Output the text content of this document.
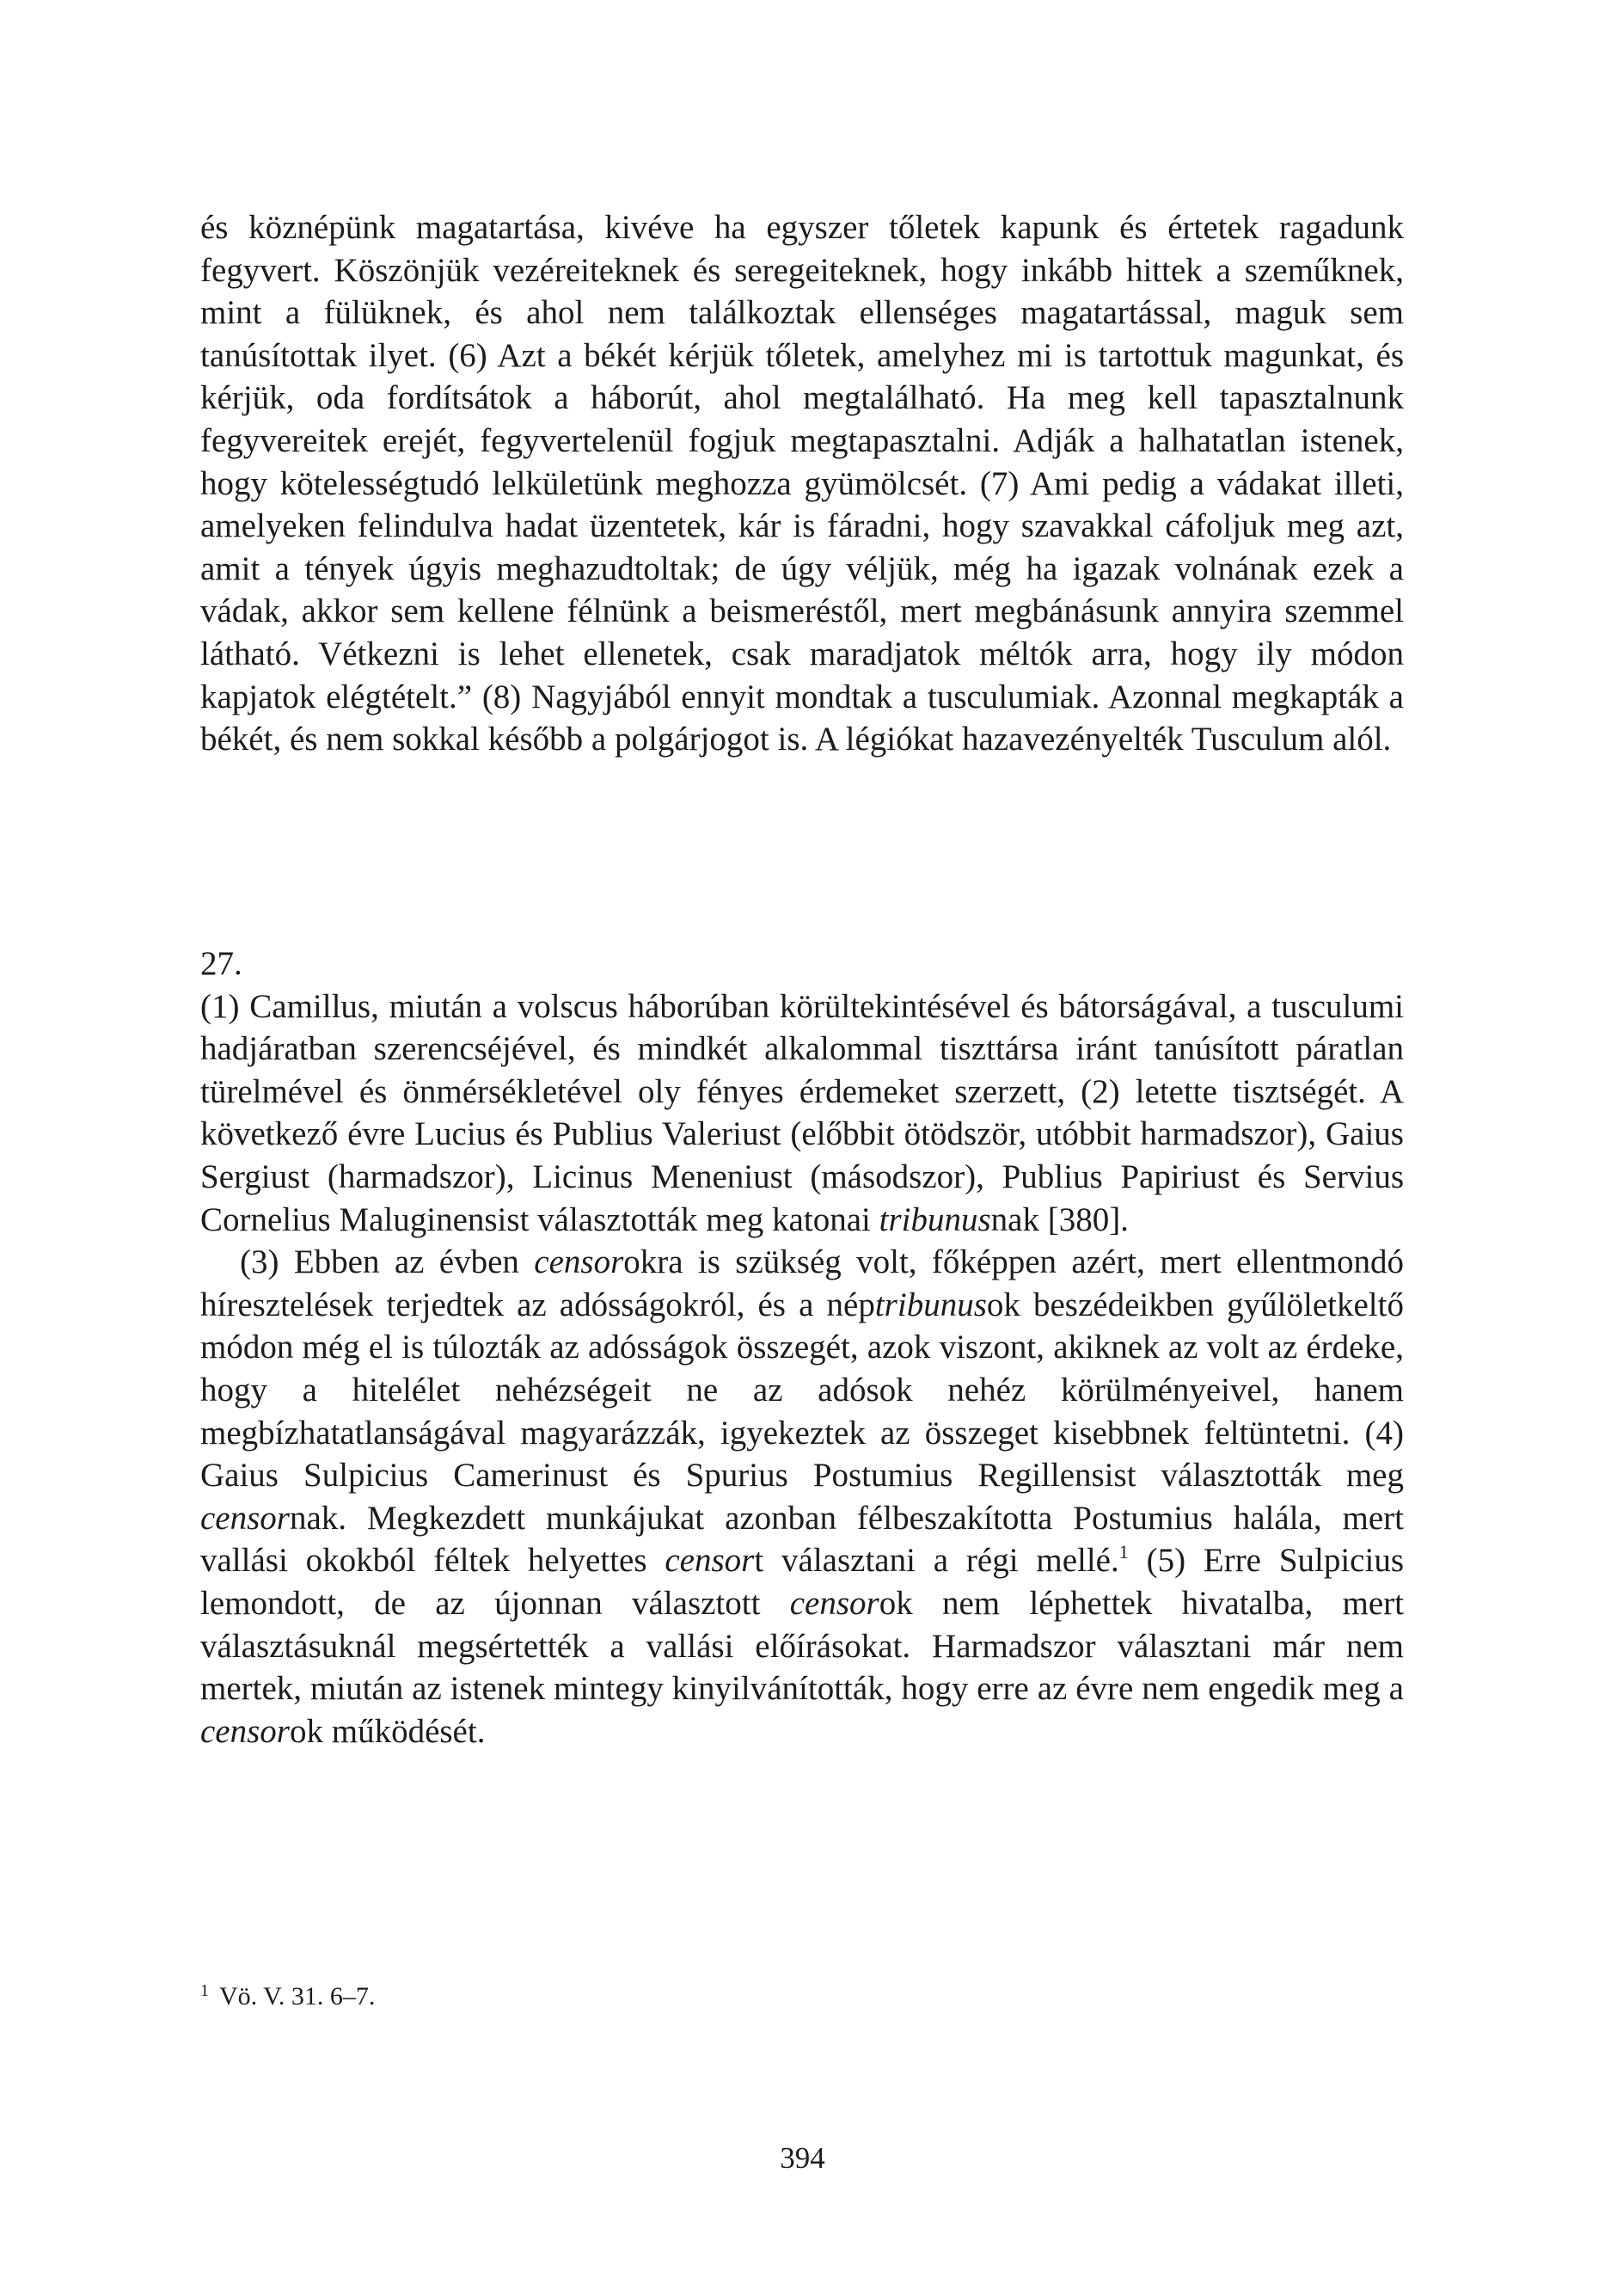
és köznépünk magatartása, kivéve ha egyszer tőletek kapunk és értetek ragadunk fegyvert. Köszönjük vezéreiteknek és seregeiteknek, hogy inkább hittek a szeműknek, mint a fülüknek, és ahol nem találkoztak ellenséges magatartással, maguk sem tanúsítottak ilyet. (6) Azt a békét kérjük tőletek, amelyhez mi is tartottuk magunkat, és kérjük, oda fordítsátok a háborút, ahol megtalálható. Ha meg kell tapasztalnunk fegyvereitek erejét, fegyvertelenül fogjuk megtapasztalni. Adják a halhatatlan istenek, hogy kötelességtudó lelkületünk meghozza gyümölcsét. (7) Ami pedig a vádakat illeti, amelyeken felindulva hadat üzentetek, kár is fáradni, hogy szavakkal cáfoljuk meg azt, amit a tények úgyis meghazudtoltak; de úgy véljük, még ha igazak volnának ezek a vádak, akkor sem kellene félnünk a beismeréstől, mert megbánásunk annyira szemmel látható. Vétkezni is lehet ellenetek, csak maradjatok méltók arra, hogy ily módon kapjatok elégtételt.” (8) Nagyjából ennyit mondtak a tusculumiak. Azonnal megkapták a békét, és nem sokkal később a polgárjogot is. A légiókat hazavezényelték Tusculum alól.

27.

(1) Camillus, miután a volscus háborúban körültekintésével és bátorságával, a tusculumi hadjáratban szerencséjével, és mindkét alkalommal tiszttársa iránt tanúsított páratlan türelmével és önmérsékletével oly fényes érdemeket szerzett, (2) letette tisztségét. A következő évre Lucius és Publius Valeriust (előbbit ötödször, utóbbit harmadszor), Gaius Sergiust (harmadszor), Licinus Meneniust (másodszor), Publius Papiriust és Servius Cornelius Maluginensist választották meg katonai tribunusnak [380].

(3) Ebben az évben censorokra is szükség volt, főképpen azért, mert ellentmondó híresztelések terjedtek az adósságokról, és a néptribunusok beszédeikben gyűlöletkeltő módon még el is túlozták az adósságok összegét, azok viszont, akiknek az volt az érdeke, hogy a hitelélet nehézségeit ne az adósok nehéz körülményeivel, hanem megbízhatatlanságával magyarázzák, igyekeztek az összeget kisebbnek feltüntetni. (4) Gaius Sulpicius Camerinust és Spurius Postumius Regillensist választották meg censornak. Megkezdett munkájukat azonban félbeszakította Postumius halála, mert vallási okokból féltek helyettes censort választani a régi mellé.$^1$ (5) Erre Sulpicius lemondott, de az újonnan választott censorok nem léphettek hivatalba, mert választásuknál megsértették a vallási előírásokat. Harmadszor választani már nem mertek, miután az istenek mintegy kinyilvánították, hogy erre az évre nem engedik meg a censorok működését.

$^1$ Vö. V. 31. 6–7.
394
